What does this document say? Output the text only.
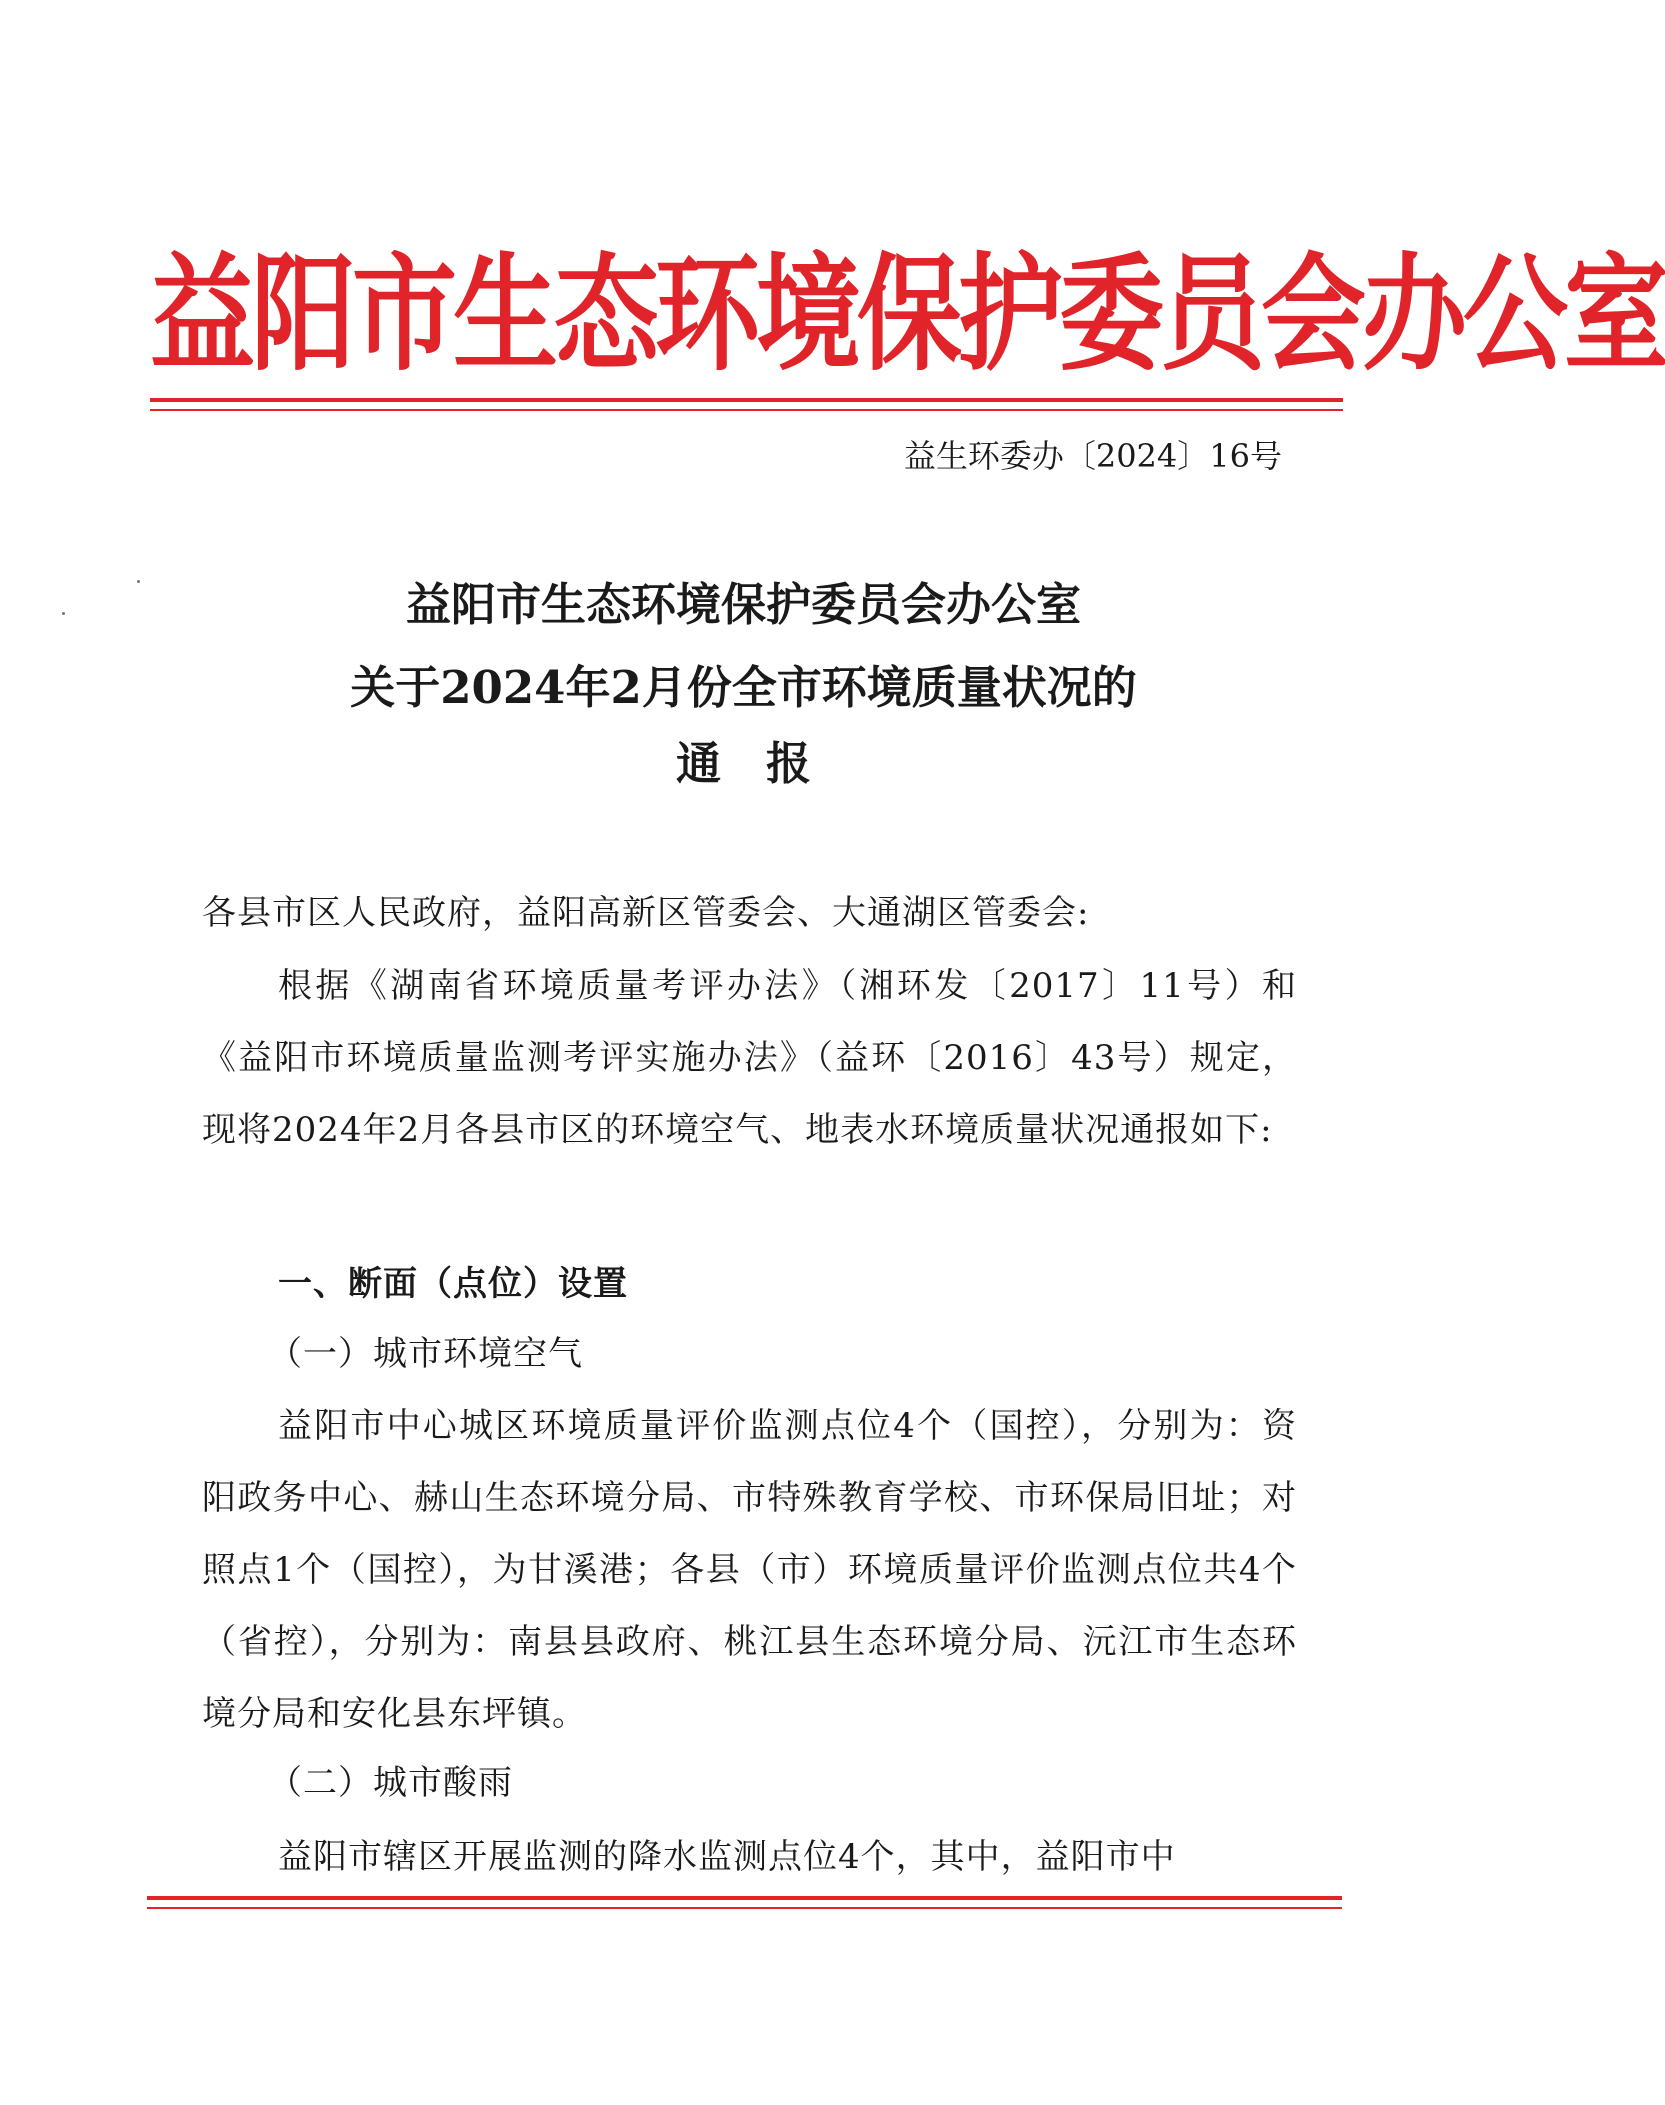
益阳市生态环境保护委员会办公室
益生环委办〔2024〕16号
益阳市生态环境保护委员会办公室
关于2024年2月份全市环境质量状况的
通　报
各县市区人民政府，益阳高新区管委会、大通湖区管委会:
根据《湖南省环境质量考评办法》（湘环发〔2017〕11号）和《益阳市环境质量监测考评实施办法》（益环〔2016〕43号）规定，现将2024年2月各县市区的环境空气、地表水环境质量状况通报如下:
一、断面（点位）设置
（一）城市环境空气
益阳市中心城区环境质量评价监测点位4个（国控），分别为：资阳政务中心、赫山生态环境分局、市特殊教育学校、市环保局旧址；对照点1个（国控），为甘溪港；各县（市）环境质量评价监测点位共4个（省控），分别为：南县县政府、桃江县生态环境分局、沅江市生态环境分局和安化县东坪镇。
（二）城市酸雨
益阳市辖区开展监测的降水监测点位4个，其中，益阳市中
